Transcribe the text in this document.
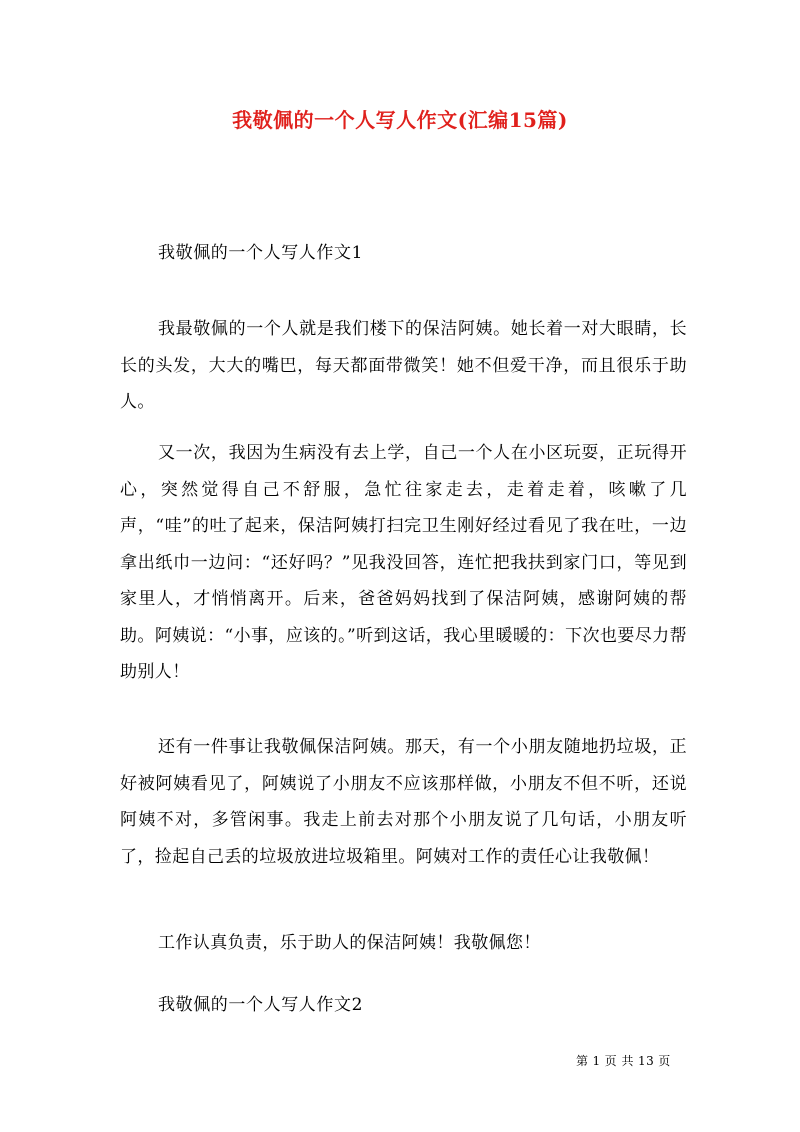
我敬佩的一个人写人作文(汇编15篇)
我敬佩的一个人写人作文1
我最敬佩的一个人就是我们楼下的保洁阿姨。她长着一对大眼睛，长长的头发，大大的嘴巴，每天都面带微笑！她不但爱干净，而且很乐于助人。
又一次，我因为生病没有去上学，自己一个人在小区玩耍，正玩得开心，突然觉得自己不舒服，急忙往家走去，走着走着，咳嗽了几声，“哇”的吐了起来，保洁阿姨打扫完卫生刚好经过看见了我在吐，一边拿出纸巾一边问：“还好吗？”见我没回答，连忙把我扶到家门口，等见到家里人，才悄悄离开。后来，爸爸妈妈找到了保洁阿姨，感谢阿姨的帮助。阿姨说：“小事，应该的。”听到这话，我心里暖暖的：下次也要尽力帮助别人！
还有一件事让我敬佩保洁阿姨。那天，有一个小朋友随地扔垃圾，正好被阿姨看见了，阿姨说了小朋友不应该那样做，小朋友不但不听，还说阿姨不对，多管闲事。我走上前去对那个小朋友说了几句话，小朋友听了，捡起自己丢的垃圾放进垃圾箱里。阿姨对工作的责任心让我敬佩！
工作认真负责，乐于助人的保洁阿姨！我敬佩您！
我敬佩的一个人写人作文2
第 1 页 共 13 页
